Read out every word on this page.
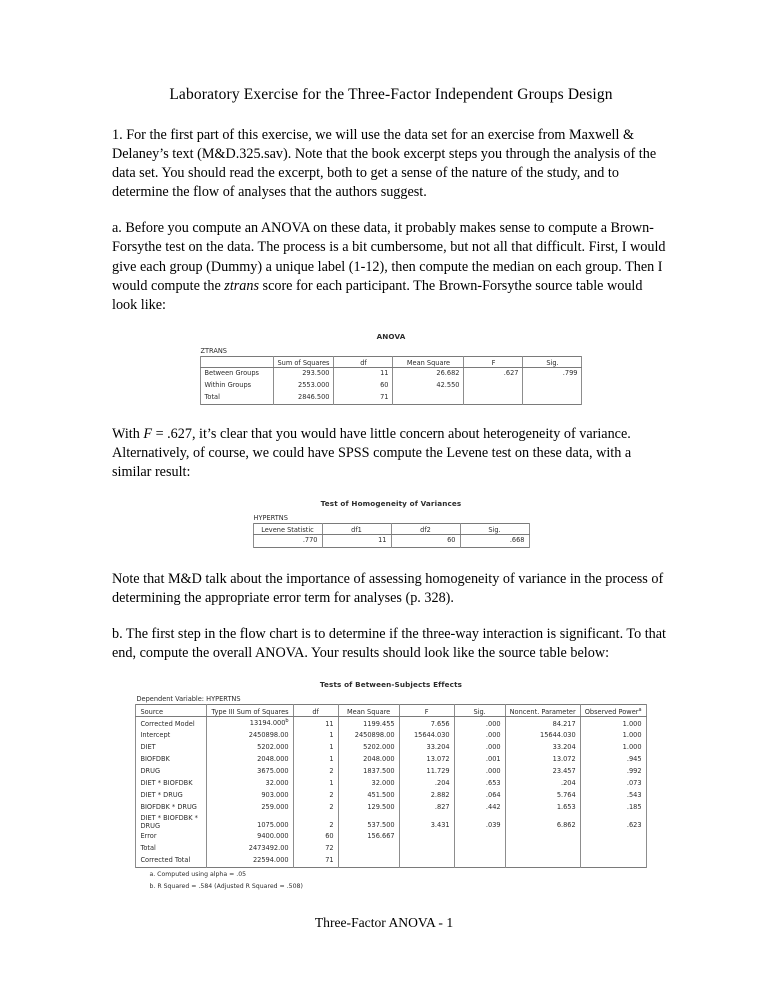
Laboratory Exercise for the Three-Factor Independent Groups Design

1. For the first part of this exercise, we will use the data set for an exercise from Maxwell & Delaney’s text (M&D.325.sav). Note that the book excerpt steps you through the analysis of the data set. You should read the excerpt, both to get a sense of the nature of the study, and to determine the flow of analyses that the authors suggest.

a. Before you compute an ANOVA on these data, it probably makes sense to compute a Brown-Forsythe test on the data. The process is a bit cumbersome, but not all that difficult. First, I would give each group (Dummy) a unique label (1-12), then compute the median on each group. Then I would compute the ztrans score for each participant. The Brown-Forsythe source table would look like:

ANOVA
ZTRANS
	Sum of Squares	df	Mean Square	F	Sig.
Between Groups	293.500	11	26.682	.627	.799
Within Groups	2553.000	60	42.550		
Total	2846.500	71			

With F = .627, it’s clear that you would have little concern about heterogeneity of variance. Alternatively, of course, we could have SPSS compute the Levene test on these data, with a similar result:

Test of Homogeneity of Variances
HYPERTNS
Levene Statistic	df1	df2	Sig.
.770	11	60	.668

Note that M&D talk about the importance of assessing homogeneity of variance in the process of determining the appropriate error term for analyses (p. 328).

b. The first step in the flow chart is to determine if the three-way interaction is significant. To that end, compute the overall ANOVA. Your results should look like the source table below:

Tests of Between-Subjects Effects
Dependent Variable: HYPERTNS
Source	Type III Sum of Squares	df	Mean Square	F	Sig.	Noncent. Parameter	Observed Power$^a$
Corrected Model	13194.000$^b$	11	1199.455	7.656	.000	84.217	1.000
Intercept	2450898.00	1	2450898.00	15644.030	.000	15644.030	1.000
DIET	5202.000	1	5202.000	33.204	.000	33.204	1.000
BIOFDBK	2048.000	1	2048.000	13.072	.001	13.072	.945
DRUG	3675.000	2	1837.500	11.729	.000	23.457	.992
DIET * BIOFDBK	32.000	1	32.000	.204	.653	.204	.073
DIET * DRUG	903.000	2	451.500	2.882	.064	5.764	.543
BIOFDBK * DRUG	259.000	2	129.500	.827	.442	1.653	.185
DIET * BIOFDBK * DRUG	1075.000	2	537.500	3.431	.039	6.862	.623
Error	9400.000	60	156.667				
Total	2473492.00	72					
Corrected Total	22594.000	71					
a. Computed using alpha = .05
b. R Squared = .584 (Adjusted R Squared = .508)
Three-Factor ANOVA - 1
